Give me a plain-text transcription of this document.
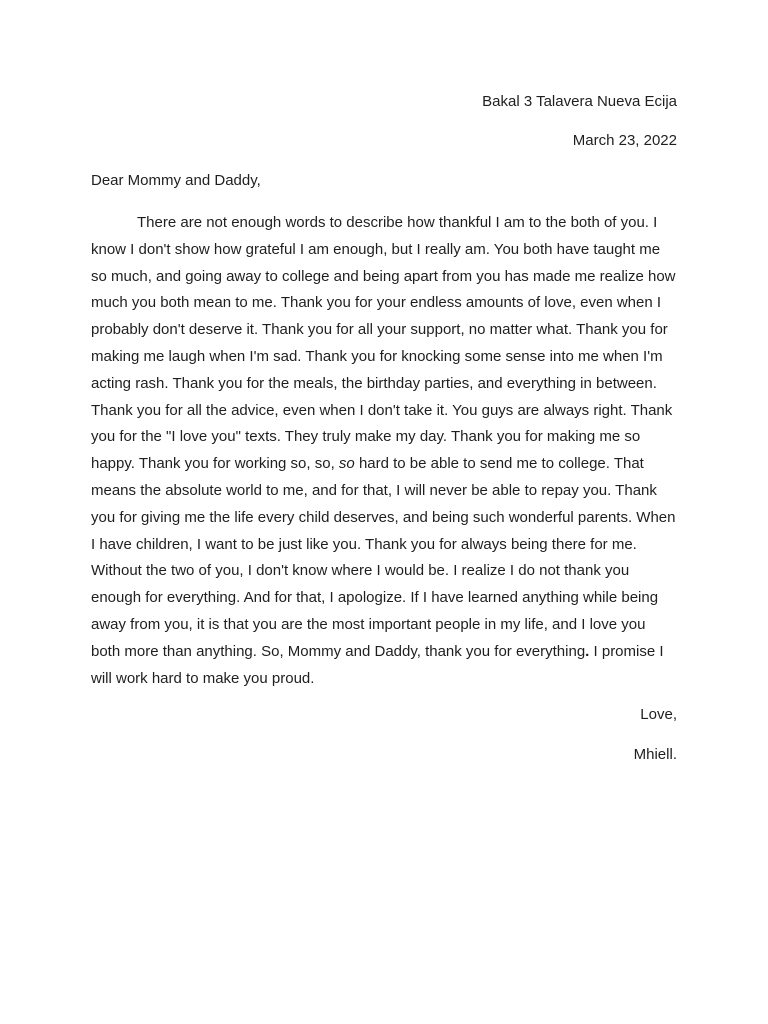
Bakal 3 Talavera Nueva Ecija
March 23, 2022
Dear Mommy and Daddy,
There are not enough words to describe how thankful I am to the both of you. I
know I don't show how grateful I am enough, but I really am. You both have taught me
so much, and going away to college and being apart from you has made me realize how
much you both mean to me. Thank you for your endless amounts of love, even when I
probably don't deserve it. Thank you for all your support, no matter what. Thank you for
making me laugh when I'm sad. Thank you for knocking some sense into me when I'm
acting rash. Thank you for the meals, the birthday parties, and everything in between.
Thank you for all the advice, even when I don't take it. You guys are always right. Thank
you for the "I love you" texts. They truly make my day. Thank you for making me so
happy. Thank you for working so, so, so hard to be able to send me to college. That
means the absolute world to me, and for that, I will never be able to repay you. Thank
you for giving me the life every child deserves, and being such wonderful parents. When
I have children, I want to be just like you. Thank you for always being there for me.
Without the two of you, I don't know where I would be. I realize I do not thank you
enough for everything. And for that, I apologize. If I have learned anything while being
away from you, it is that you are the most important people in my life, and I love you
both more than anything. So, Mommy and Daddy, thank you for everything. I promise I
will work hard to make you proud.
Love,
Mhiell.
